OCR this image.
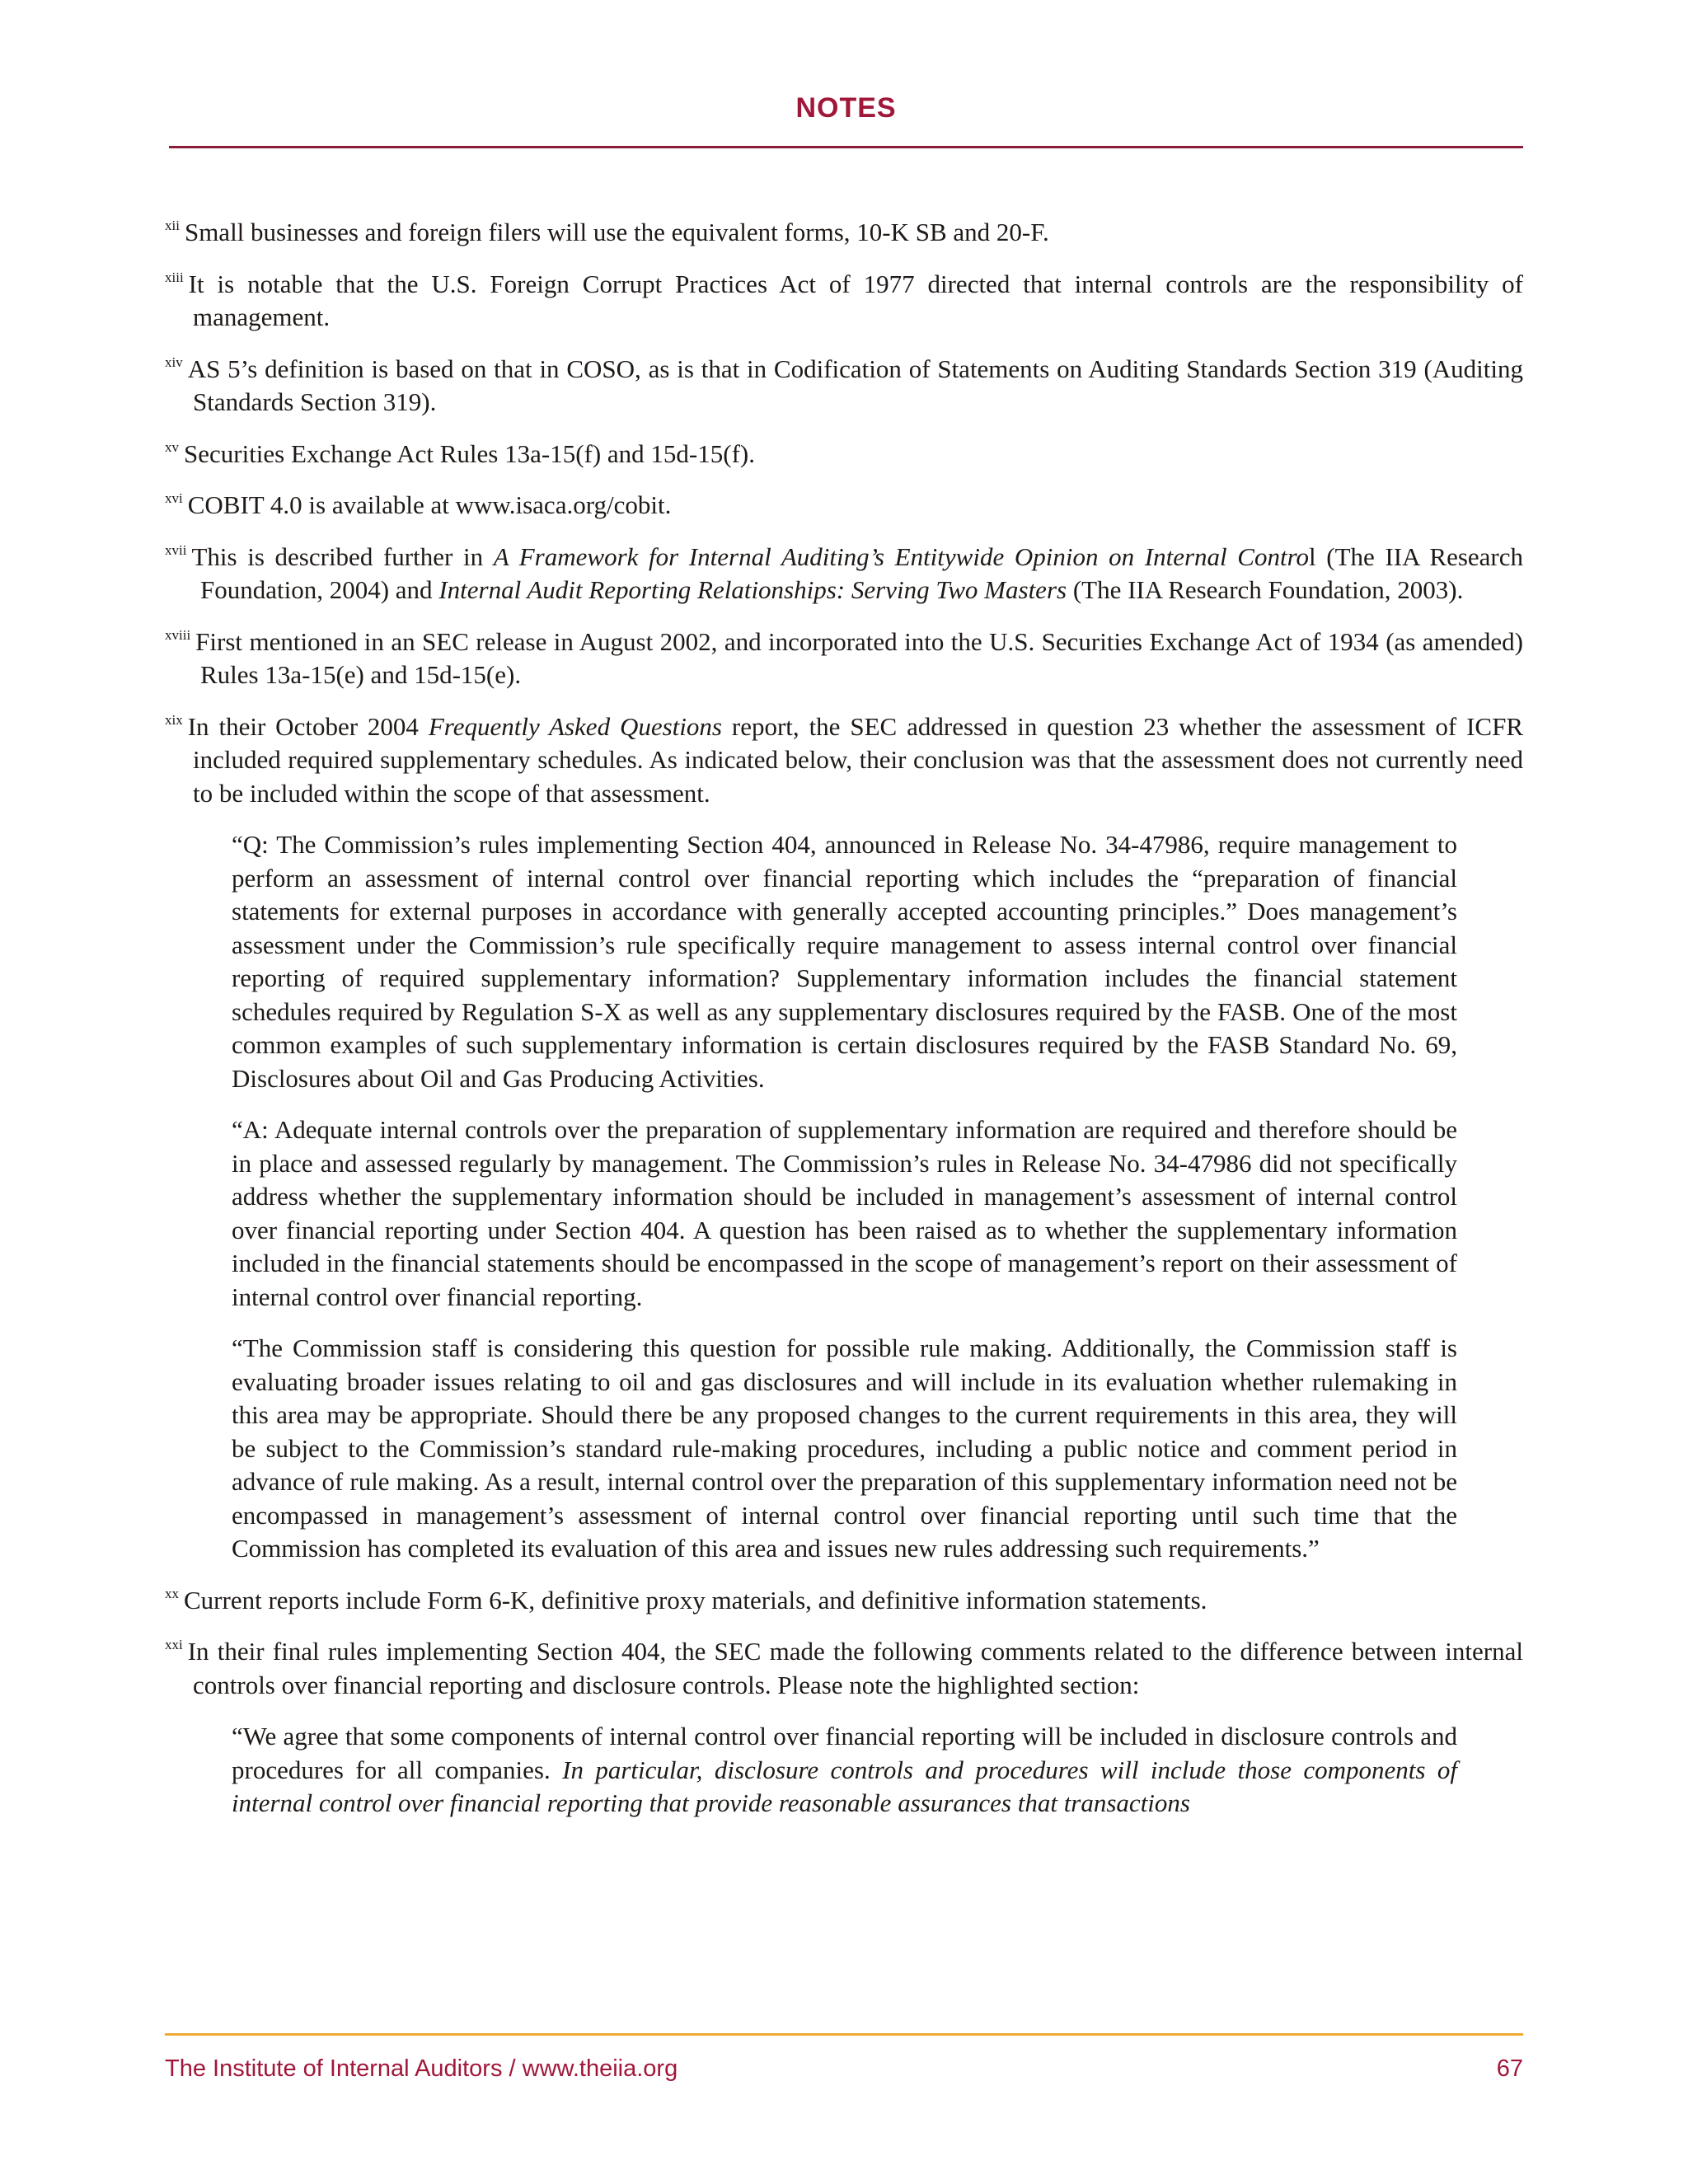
NOTES

$^{xii}$ Small businesses and foreign filers will use the equivalent forms, 10-K SB and 20-F.

$^{xiii}$ It is notable that the U.S. Foreign Corrupt Practices Act of 1977 directed that internal controls are the responsibility of management.

$^{xiv}$ AS 5’s definition is based on that in COSO, as is that in Codification of Statements on Auditing Standards Section 319 (Auditing Standards Section 319).

$^{xv}$ Securities Exchange Act Rules 13a-15(f) and 15d-15(f).

$^{xvi}$ COBIT 4.0 is available at www.isaca.org/cobit.

$^{xvii}$ This is described further in A Framework for Internal Auditing’s Entitywide Opinion on Internal Control (The IIA Research Foundation, 2004) and Internal Audit Reporting Relationships: Serving Two Masters (The IIA Research Foundation, 2003).

$^{xviii}$ First mentioned in an SEC release in August 2002, and incorporated into the U.S. Securities Exchange Act of 1934 (as amended) Rules 13a-15(e) and 15d-15(e).

$^{xix}$ In their October 2004 Frequently Asked Questions report, the SEC addressed in question 23 whether the assessment of ICFR included required supplementary schedules. As indicated below, their conclusion was that the assessment does not currently need to be included within the scope of that assessment.

“Q: The Commission’s rules implementing Section 404, announced in Release No. 34-47986, require management to perform an assessment of internal control over financial reporting which includes the “preparation of financial statements for external purposes in accordance with generally accepted accounting principles.” Does management’s assessment under the Commission’s rule specifically require management to assess internal control over financial reporting of required supplementary information? Supplementary information includes the financial statement schedules required by Regulation S-X as well as any supplementary disclosures required by the FASB. One of the most common examples of such supplementary information is certain disclosures required by the FASB Standard No. 69, Disclosures about Oil and Gas Producing Activities.

“A: Adequate internal controls over the preparation of supplementary information are required and therefore should be in place and assessed regularly by management. The Commission’s rules in Release No. 34-47986 did not specifically address whether the supplementary information should be included in management’s assessment of internal control over financial reporting under Section 404. A question has been raised as to whether the supplementary information included in the financial statements should be encompassed in the scope of management’s report on their assessment of internal control over financial reporting.

“The Commission staff is considering this question for possible rule making. Additionally, the Commission staff is evaluating broader issues relating to oil and gas disclosures and will include in its evaluation whether rulemaking in this area may be appropriate. Should there be any proposed changes to the current requirements in this area, they will be subject to the Commission’s standard rule-making procedures, including a public notice and comment period in advance of rule making. As a result, internal control over the preparation of this supplementary information need not be encompassed in management’s assessment of internal control over financial reporting until such time that the Commission has completed its evaluation of this area and issues new rules addressing such requirements.”

$^{xx}$ Current reports include Form 6-K, definitive proxy materials, and definitive information statements.

$^{xxi}$ In their final rules implementing Section 404, the SEC made the following comments related to the difference between internal controls over financial reporting and disclosure controls. Please note the highlighted section:

“We agree that some components of internal control over financial reporting will be included in disclosure controls and procedures for all companies. In particular, disclosure controls and procedures will include those components of internal control over financial reporting that provide reasonable assurances that transactions

The Institute of Internal Auditors / www.theiia.org	67
